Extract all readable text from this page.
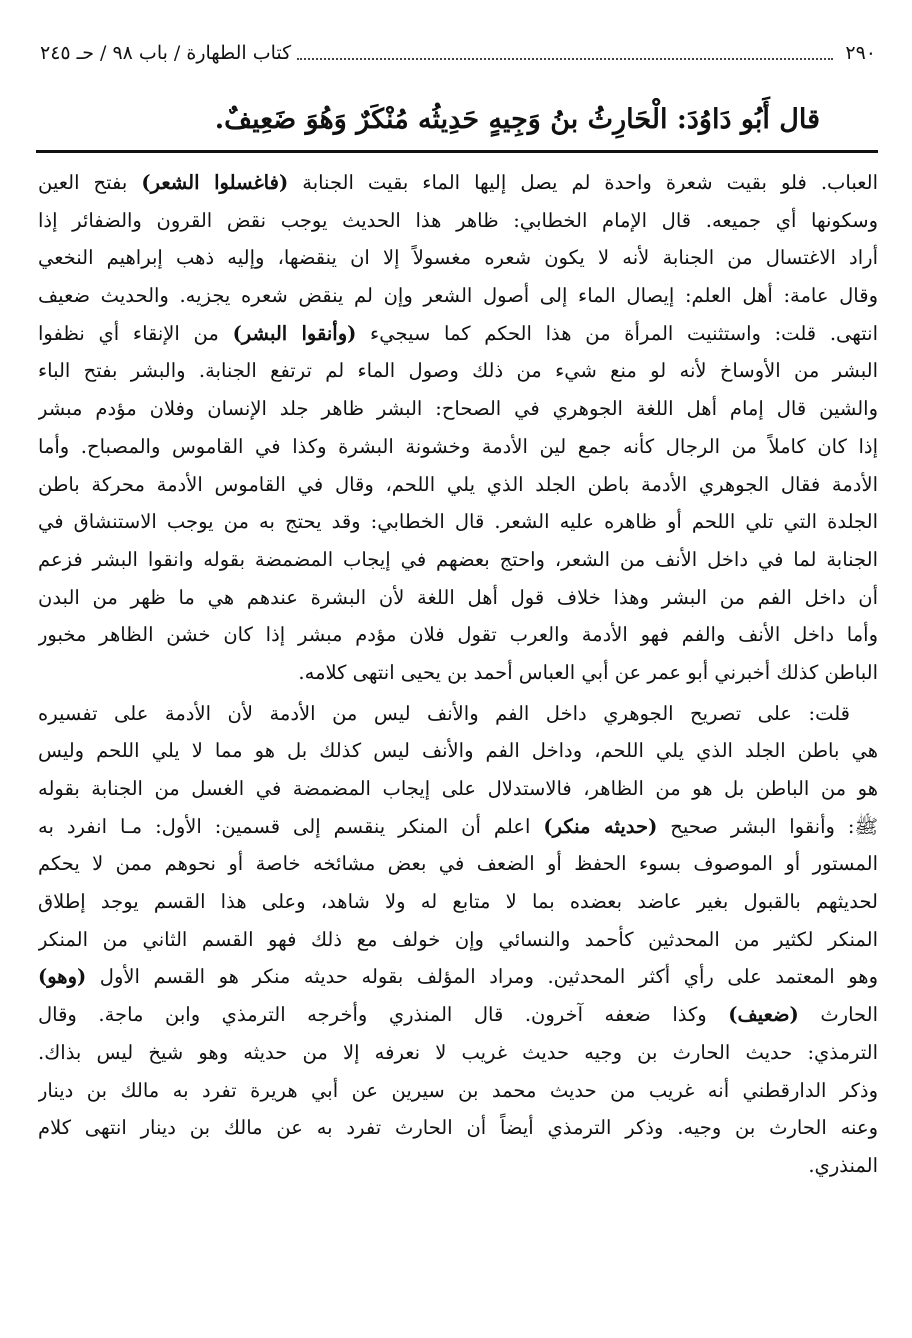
٢٩٠
كتاب الطهارة / باب ٩٨ / حـ ٢٤٥
قال أَبُو دَاوُدَ: الْحَارِثُ بنُ وَجِيهٍ حَدِيثُه مُنْكَرٌ وَهُوَ ضَعِيفٌ.
العباب. فلو بقيت شعرة واحدة لم يصل إليها الماء بقيت الجنابة (فاغسلوا الشعر) بفتح العين
وسكونها أي جميعه. قال الإمام الخطابي: ظاهر هذا الحديث يوجب نقض القرون والضفائر إذا
أراد الاغتسال من الجنابة لأنه لا يكون شعره مغسولاً إلا ان ينقضها، وإليه ذهب إبراهيم النخعي
وقال عامة: أهل العلم: إيصال الماء إلى أصول الشعر وإن لم ينقض شعره يجزيه. والحديث ضعيف
انتهى. قلت: واستثنيت المرأة من هذا الحكم كما سيجيء (وأنقوا البشر) من الإنقاء أي نظفوا
البشر من الأوساخ لأنه لو منع شيء من ذلك وصول الماء لم ترتفع الجنابة. والبشر بفتح الباء
والشين قال إمام أهل اللغة الجوهري في الصحاح: البشر ظاهر جلد الإنسان وفلان مؤدم مبشر
إذا كان كاملاً من الرجال كأنه جمع لين الأدمة وخشونة البشرة وكذا في القاموس والمصباح. وأما
الأدمة فقال الجوهري الأدمة باطن الجلد الذي يلي اللحم، وقال في القاموس الأدمة محركة باطن
الجلدة التي تلي اللحم أو ظاهره عليه الشعر. قال الخطابي: وقد يحتج به من يوجب الاستنشاق في
الجنابة لما في داخل الأنف من الشعر، واحتج بعضهم في إيجاب المضمضة بقوله وانقوا البشر فزعم
أن داخل الفم من البشر وهذا خلاف قول أهل اللغة لأن البشرة عندهم هي ما ظهر من البدن
وأما داخل الأنف والفم فهو الأدمة والعرب تقول فلان مؤدم مبشر إذا كان خشن الظاهر مخبور
الباطن كذلك أخبرني أبو عمر عن أبي العباس أحمد بن يحيى انتهى كلامه.
قلت: على تصريح الجوهري داخل الفم والأنف ليس من الأدمة لأن الأدمة على تفسيره
هي باطن الجلد الذي يلي اللحم، وداخل الفم والأنف ليس كذلك بل هو مما لا يلي اللحم وليس
هو من الباطن بل هو من الظاهر، فالاستدلال على إيجاب المضمضة في الغسل من الجنابة بقوله
ﷺ: وأنقوا البشر صحيح (حديثه منكر) اعلم أن المنكر ينقسم إلى قسمين: الأول: مـا انفرد به
المستور أو الموصوف بسوء الحفظ أو الضعف في بعض مشائخه خاصة أو نحوهم ممن لا يحكم
لحديثهم بالقبول بغير عاضد بعضده بما لا متابع له ولا شاهد، وعلى هذا القسم يوجد إطلاق
المنكر لكثير من المحدثين كأحمد والنسائي وإن خولف مع ذلك فهو القسم الثاني من المنكر
وهو المعتمد على رأي أكثر المحدثين. ومراد المؤلف بقوله حديثه منكر هو القسم الأول (وهو)
الحارث (ضعيف) وكذا ضعفه آخرون. قال المنذري وأخرجه الترمذي وابن ماجة. وقال
الترمذي: حديث الحارث بن وجيه حديث غريب لا نعرفه إلا من حديثه وهو شيخ ليس بذاك.
وذكر الدارقطني أنه غريب من حديث محمد بن سيرين عن أبي هريرة تفرد به مالك بن دينار
وعنه الحارث بن وجيه. وذكر الترمذي أيضاً أن الحارث تفرد به عن مالك بن دينار انتهى كلام
المنذري.
